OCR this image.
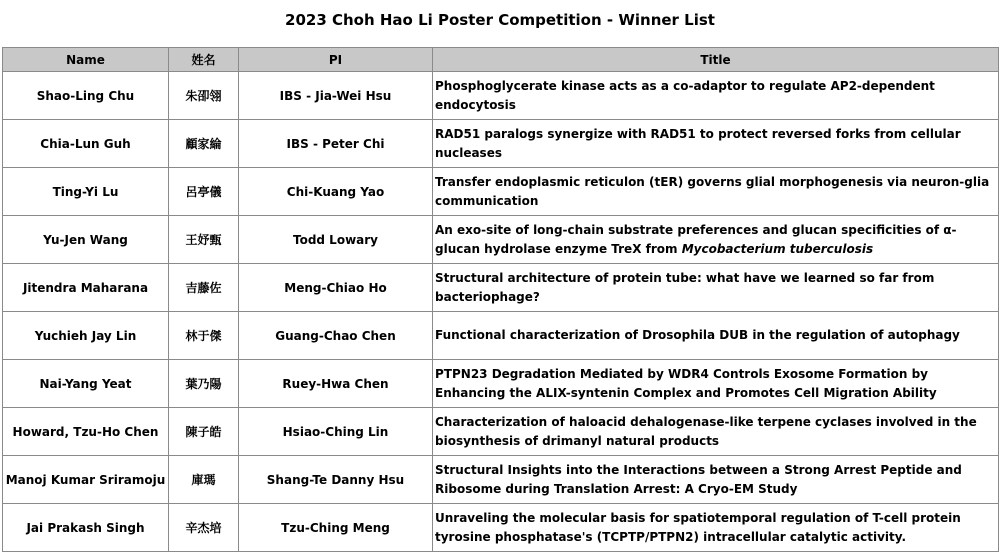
2023 Choh Hao Li Poster Competition - Winner List
Name	姓名	PI	Title
Shao-Ling Chu	朱卲翎	IBS - Jia-Wei Hsu	Phosphoglycerate kinase acts as a co-adaptor to regulate AP2-dependent endocytosis
Chia-Lun Guh	顧家綸	IBS - Peter Chi	RAD51 paralogs synergize with RAD51 to protect reversed forks from cellular nucleases
Ting-Yi Lu	呂亭儀	Chi-Kuang Yao	Transfer endoplasmic reticulon (tER) governs glial morphogenesis via neuron-glia communication
Yu-Jen Wang	王妤甄	Todd Lowary	An exo-site of long-chain substrate preferences and glucan specificities of α-glucan hydrolase enzyme TreX from Mycobacterium tuberculosis
Jitendra Maharana	吉藤佐	Meng-Chiao Ho	Structural architecture of protein tube: what have we learned so far from bacteriophage?
Yuchieh Jay Lin	林于傑	Guang-Chao Chen	Functional characterization of Drosophila DUB in the regulation of autophagy
Nai-Yang Yeat	葉乃陽	Ruey-Hwa Chen	PTPN23 Degradation Mediated by WDR4 Controls Exosome Formation by Enhancing the ALIX-syntenin Complex and Promotes Cell Migration Ability
Howard, Tzu-Ho Chen	陳子皓	Hsiao-Ching Lin	Characterization of haloacid dehalogenase-like terpene cyclases involved in the biosynthesis of drimanyl natural products
Manoj Kumar Sriramoju	庫瑪	Shang-Te Danny Hsu	Structural Insights into the Interactions between a Strong Arrest Peptide and Ribosome during Translation Arrest: A Cryo-EM Study
Jai Prakash Singh	辛杰培	Tzu-Ching Meng	Unraveling the molecular basis for spatiotemporal regulation of T-cell protein tyrosine phosphatase's (TCPTP/PTPN2) intracellular catalytic activity.
